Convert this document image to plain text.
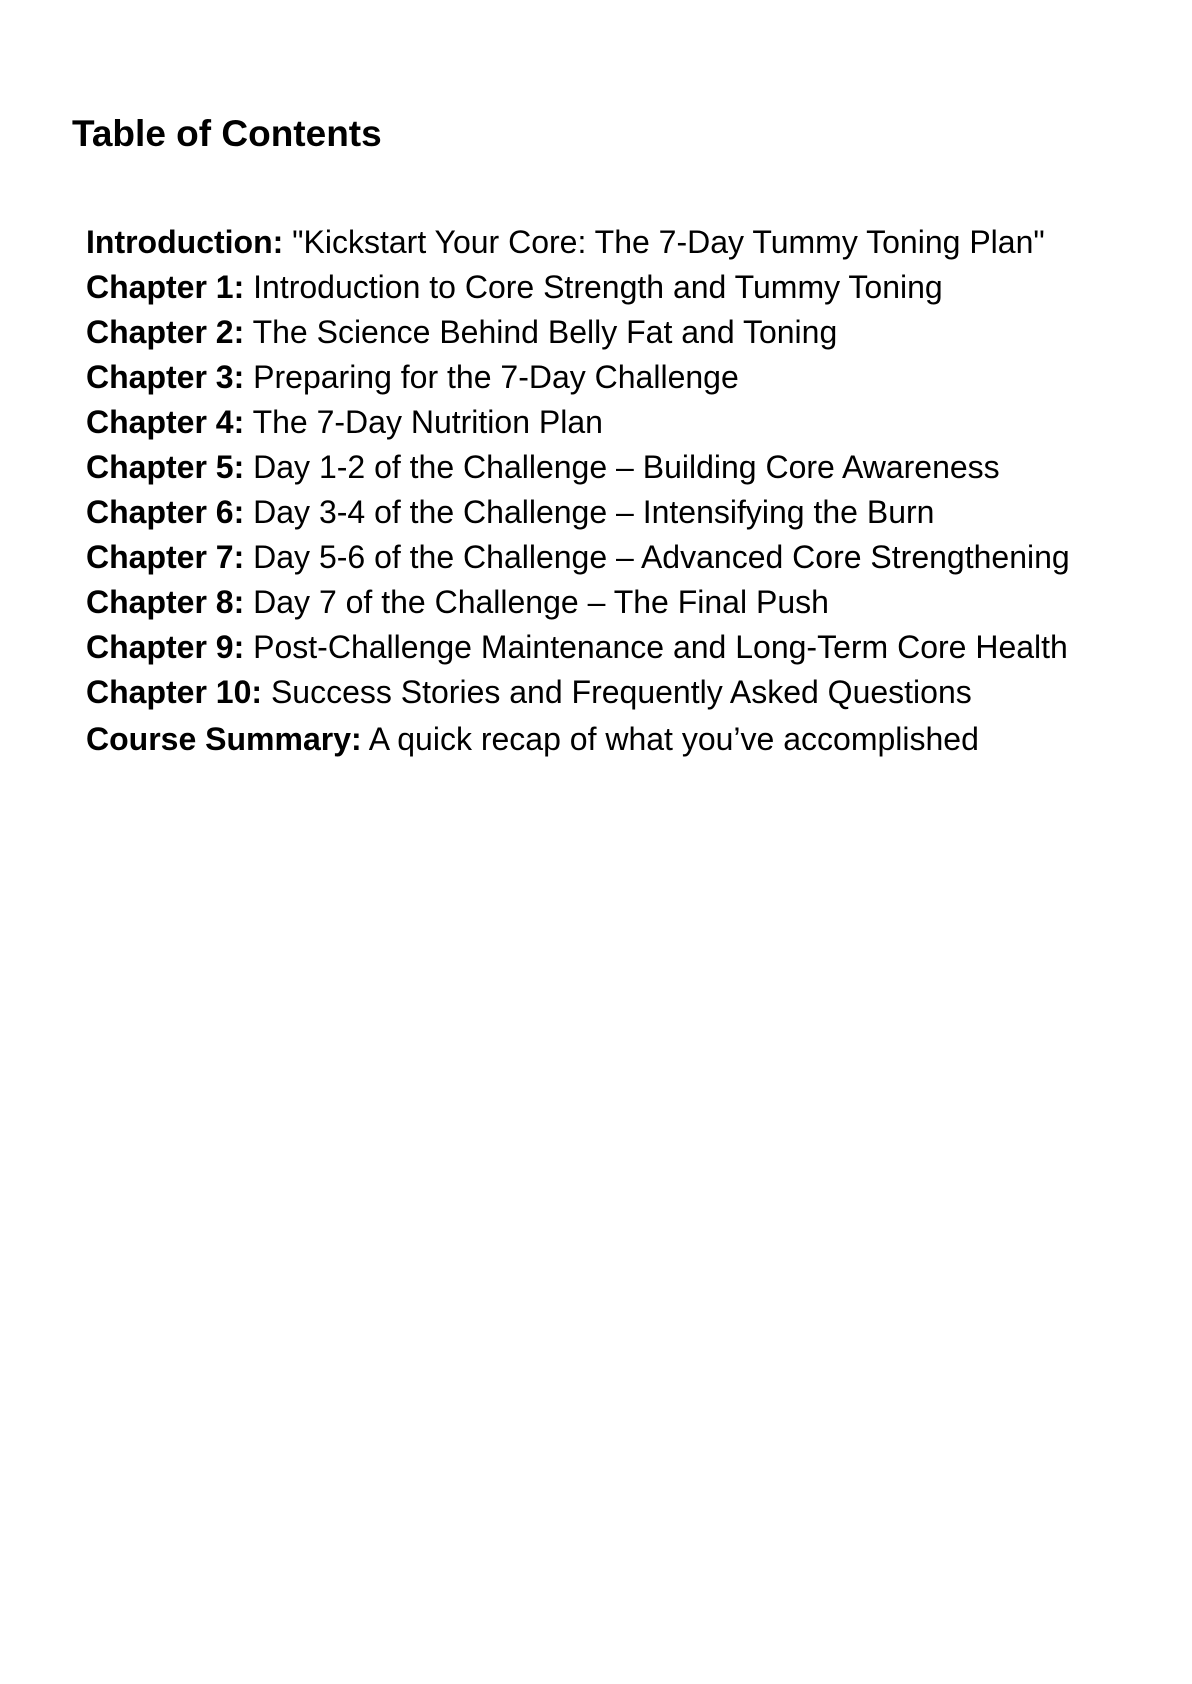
Table of Contents
Introduction: "Kickstart Your Core: The 7-Day Tummy Toning Plan"
Chapter 1: Introduction to Core Strength and Tummy Toning
Chapter 2: The Science Behind Belly Fat and Toning
Chapter 3: Preparing for the 7-Day Challenge
Chapter 4: The 7-Day Nutrition Plan
Chapter 5: Day 1-2 of the Challenge – Building Core Awareness
Chapter 6: Day 3-4 of the Challenge – Intensifying the Burn
Chapter 7: Day 5-6 of the Challenge – Advanced Core Strengthening
Chapter 8: Day 7 of the Challenge – The Final Push
Chapter 9: Post-Challenge Maintenance and Long-Term Core Health
Chapter 10: Success Stories and Frequently Asked Questions
Course Summary: A quick recap of what you’ve accomplished
